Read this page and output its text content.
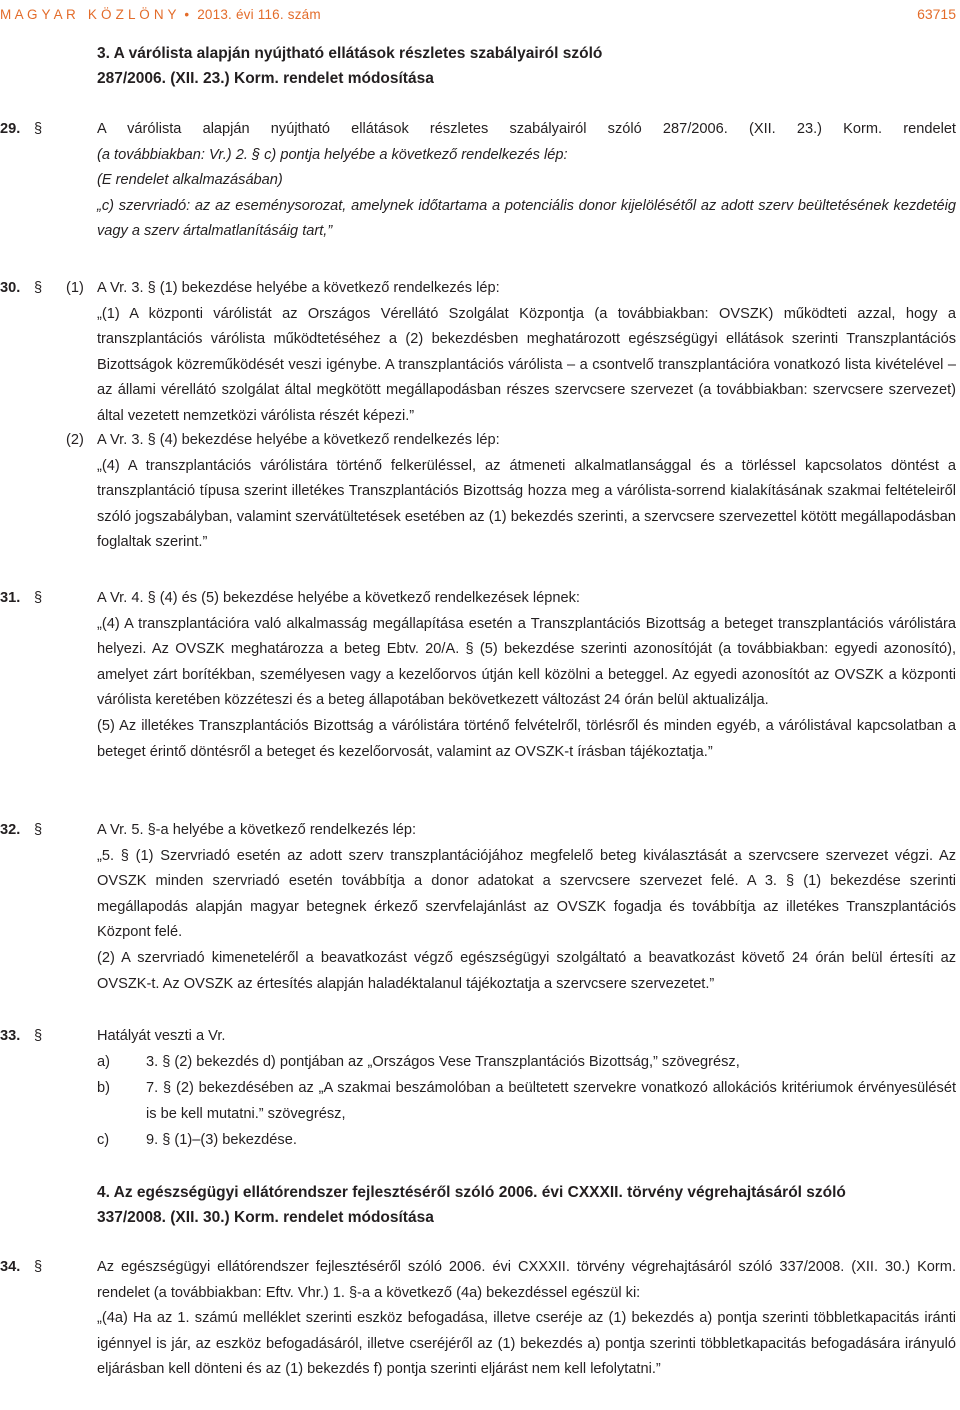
M A G Y A R   K Ö Z L Ö N Y  •  2013. évi 116. szám	63715
3. A várólista alapján nyújtható ellátások részletes szabályairól szóló
287/2006. (XII. 23.) Korm. rendelet módosítása
29. §	A várólista alapján nyújtható ellátások részletes szabályairól szóló 287/2006. (XII. 23.) Korm. rendelet

(a továbbiakban: Vr.) 2. § c) pontja helyébe a következő rendelkezés lép:

(E rendelet alkalmazásában)

„c) szervriadó: az az eseménysorozat, amelynek időtartama a potenciális donor kijelölésétől az adott szerv beültetésének kezdetéig vagy a szerv ártalmatlanításáig tart,”

30. § (1) A Vr. 3. § (1) bekezdése helyébe a következő rendelkezés lép:

„(1) A központi várólistát az Országos Vérellátó Szolgálat Központja (a továbbiakban: OVSZK) működteti azzal, hogy a transzplantációs várólista működtetéséhez a (2) bekezdésben meghatározott egészségügyi ellátások szerinti Transzplantációs Bizottságok közreműködését veszi igénybe. A transzplantációs várólista – a csontvelő transzplantációra vonatkozó lista kivételével – az állami vérellátó szolgálat által megkötött megállapodásban részes szervcsere szervezet (a továbbiakban: szervcsere szervezet) által vezetett nemzetközi várólista részét képezi.”

(2) A Vr. 3. § (4) bekezdése helyébe a következő rendelkezés lép:

„(4) A transzplantációs várólistára történő felkerüléssel, az átmeneti alkalmatlansággal és a törléssel kapcsolatos döntést a transzplantáció típusa szerint illetékes Transzplantációs Bizottság hozza meg a várólista-sorrend kialakításának szakmai feltételeiről szóló jogszabályban, valamint szervátültetések esetében az (1) bekezdés szerinti, a szervcsere szervezettel kötött megállapodásban foglaltak szerint.”

31. §	A Vr. 4. § (4) és (5) bekezdése helyébe a következő rendelkezések lépnek:

„(4) A transzplantációra való alkalmasság megállapítása esetén a Transzplantációs Bizottság a beteget transzplantációs várólistára helyezi. Az OVSZK meghatározza a beteg Ebtv. 20/A. § (5) bekezdése szerinti azonosítóját (a továbbiakban: egyedi azonosító), amelyet zárt borítékban, személyesen vagy a kezelőorvos útján kell közölni a beteggel. Az egyedi azonosítót az OVSZK a központi várólista keretében közzéteszi és a beteg állapotában bekövetkezett változást 24 órán belül aktualizálja.

(5) Az illetékes Transzplantációs Bizottság a várólistára történő felvételről, törlésről és minden egyéb, a várólistával kapcsolatban a beteget érintő döntésről a beteget és kezelőorvosát, valamint az OVSZK-t írásban tájékoztatja.”

32. §	A Vr. 5. §-a helyébe a következő rendelkezés lép:

„5. § (1) Szervriadó esetén az adott szerv transzplantációjához megfelelő beteg kiválasztását a szervcsere szervezet végzi. Az OVSZK minden szervriadó esetén továbbítja a donor adatokat a szervcsere szervezet felé. A 3. § (1) bekezdése szerinti megállapodás alapján magyar betegnek érkező szervfelajánlást az OVSZK fogadja és továbbítja az illetékes Transzplantációs Központ felé.

(2) A szervriadó kimeneteléről a beavatkozást végző egészségügyi szolgáltató a beavatkozást követő 24 órán belül értesíti az OVSZK-t. Az OVSZK az értesítés alapján haladéktalanul tájékoztatja a szervcsere szervezetet.”

33. §	Hatályát veszti a Vr.

a) 3. § (2) bekezdés d) pontjában az „Országos Vese Transzplantációs Bizottság,” szövegrész,
b) 7. § (2) bekezdésében az „A szakmai beszámolóban a beültetett szervekre vonatkozó allokációs kritériumok érvényesülését is be kell mutatni.” szövegrész,
c)	9. § (1)–(3) bekezdése.
4. Az egészségügyi ellátórendszer fejlesztéséről szóló 2006. évi CXXXII. törvény végrehajtásáról szóló
337/2008. (XII. 30.) Korm. rendelet módosítása
34. §	Az egészségügyi ellátórendszer fejlesztéséről szóló 2006. évi CXXXII. törvény végrehajtásáról szóló 337/2008. (XII. 30.) Korm. rendelet (a továbbiakban: Eftv. Vhr.) 1. §-a a következő (4a) bekezdéssel egészül ki:

„(4a) Ha az 1. számú melléklet szerinti eszköz befogadása, illetve cseréje az (1) bekezdés a) pontja szerinti többletkapacitás iránti igénnyel is jár, az eszköz befogadásáról, illetve cseréjéről az (1) bekezdés a) pontja szerinti többletkapacitás befogadására irányuló eljárásban kell dönteni és az (1) bekezdés f) pontja szerinti eljárást nem kell lefolytatni.”
